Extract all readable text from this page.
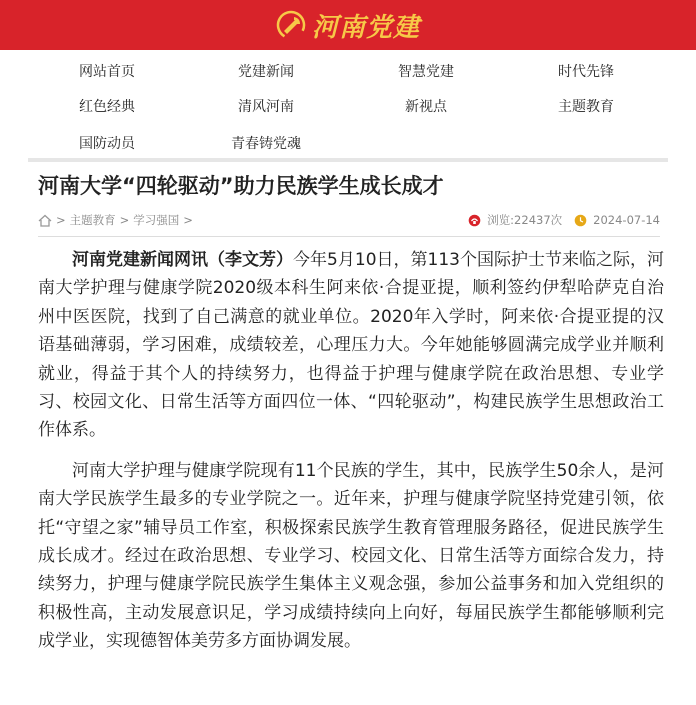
河南党建
网站首页	党建新闻	智慧党建	时代先锋
红色经典	清风河南	新视点	主题教育
国防动员	青春铸党魂
河南大学“四轮驱动”助力民族学生成长成才
> 主题教育 > 学习强国 >	浏览:22437次	2024-07-14

河南党建新闻网讯（李文芳）今年5月10日，第113个国际护士节来临之际，河南大学护理与健康学院2020级本科生阿来依·合提亚提，顺利签约伊犁哈萨克自治州中医医院，找到了自己满意的就业单位。2020年入学时，阿来依·合提亚提的汉语基础薄弱，学习困难，成绩较差，心理压力大。今年她能够圆满完成学业并顺利就业，得益于其个人的持续努力，也得益于护理与健康学院在政治思想、专业学习、校园文化、日常生活等方面四位一体、“四轮驱动”，构建民族学生思想政治工作体系。

河南大学护理与健康学院现有11个民族的学生，其中，民族学生50余人，是河南大学民族学生最多的专业学院之一。近年来，护理与健康学院坚持党建引领，依托“守望之家”辅导员工作室，积极探索民族学生教育管理服务路径，促进民族学生成长成才。经过在政治思想、专业学习、校园文化、日常生活等方面综合发力，持续努力，护理与健康学院民族学生集体主义观念强，参加公益事务和加入党组织的积极性高，主动发展意识足，学习成绩持续向上向好，每届民族学生都能够顺利完成学业，实现德智体美劳多方面协调发展。
